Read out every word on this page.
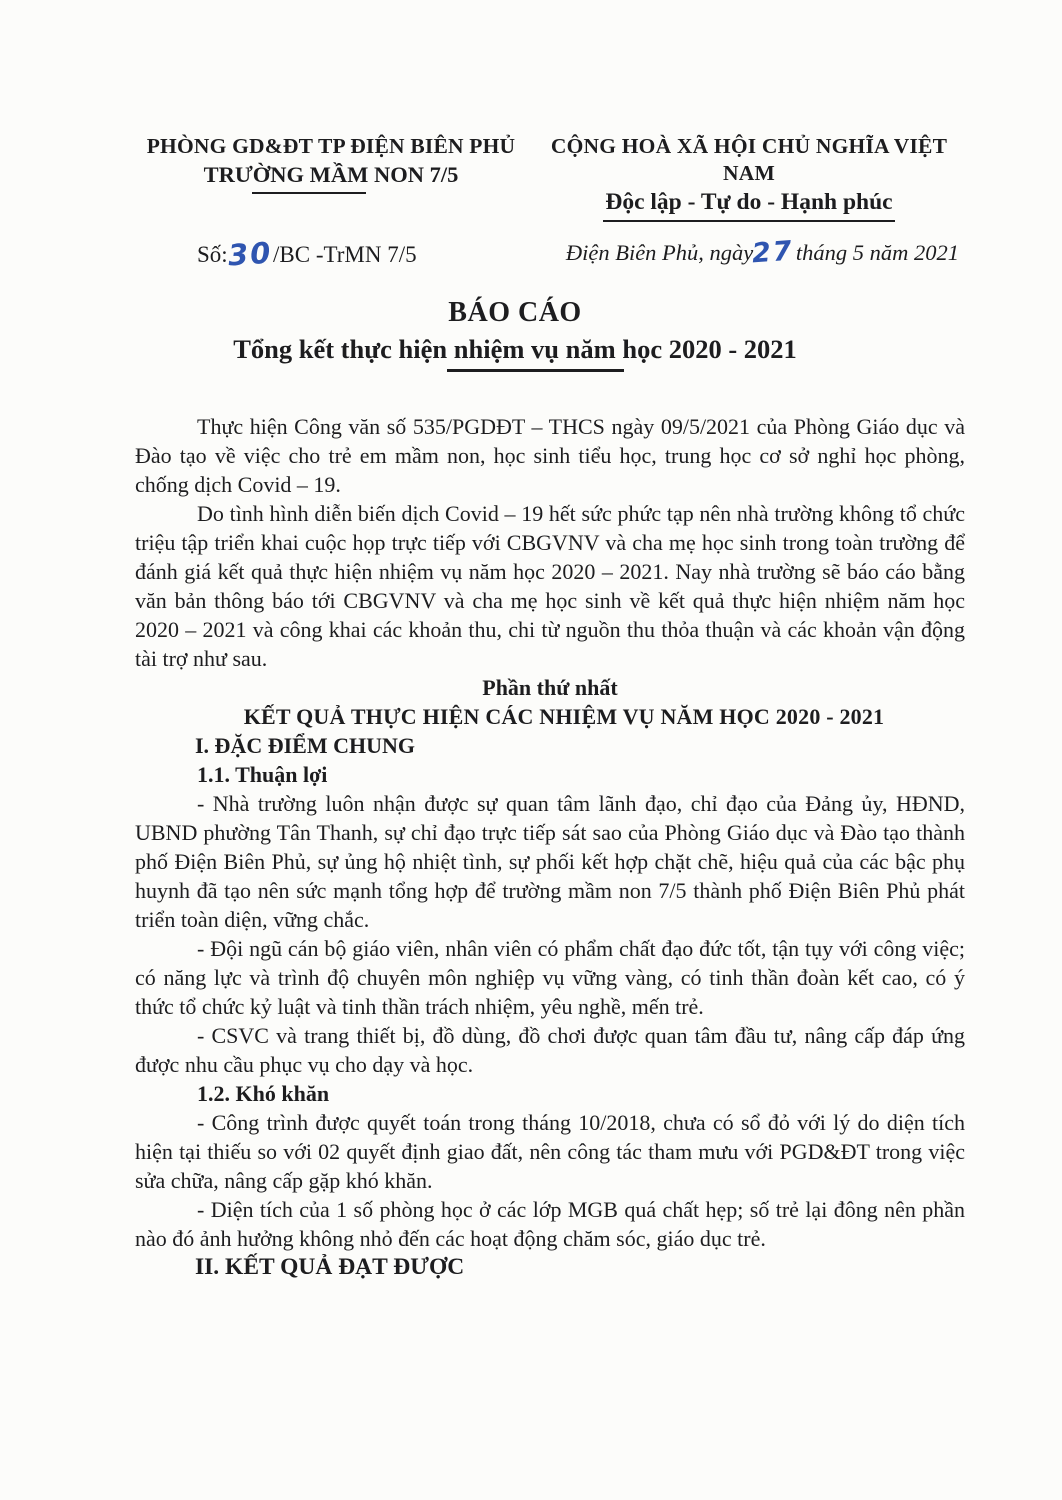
PHÒNG GD&ĐT TP ĐIỆN BIÊN PHỦ
TRƯỜNG MẦM NON 7/5
CỘNG HOÀ XÃ HỘI CHỦ NGHĨA VIỆT NAM
Độc lập - Tự do - Hạnh phúc
Số:30/BC -TrMN 7/5	Điện Biên Phủ, ngày27tháng 5 năm 2021
BÁO CÁO
Tổng kết thực hiện nhiệm vụ năm học 2020 - 2021

Thực hiện Công văn số 535/PGDĐT – THCS ngày 09/5/2021 của Phòng Giáo dục và Đào tạo về việc cho trẻ em mầm non, học sinh tiểu học, trung học cơ sở nghỉ học phòng, chống dịch Covid – 19.

Do tình hình diễn biến dịch Covid – 19 hết sức phức tạp nên nhà trường không tổ chức triệu tập triển khai cuộc họp trực tiếp với CBGVNV và cha mẹ học sinh trong toàn trường để đánh giá kết quả thực hiện nhiệm vụ năm học 2020 – 2021. Nay nhà trường sẽ báo cáo bằng văn bản thông báo tới CBGVNV và cha mẹ học sinh về kết quả thực hiện nhiệm năm học 2020 – 2021 và công khai các khoản thu, chi từ nguồn thu thỏa thuận và các khoản vận động tài trợ như sau.

Phần thứ nhất
KẾT QUẢ THỰC HIỆN CÁC NHIỆM VỤ NĂM HỌC 2020 - 2021
I. ĐẶC ĐIỂM CHUNG
1.1. Thuận lợi

- Nhà trường luôn nhận được sự quan tâm lãnh đạo, chỉ đạo của Đảng ủy, HĐND, UBND phường Tân Thanh, sự chỉ đạo trực tiếp sát sao của Phòng Giáo dục và Đào tạo thành phố Điện Biên Phủ, sự ủng hộ nhiệt tình, sự phối kết hợp chặt chẽ, hiệu quả của các bậc phụ huynh đã tạo nên sức mạnh tổng hợp để trường mầm non 7/5 thành phố Điện Biên Phủ phát triển toàn diện, vững chắc.

- Đội ngũ cán bộ giáo viên, nhân viên có phẩm chất đạo đức tốt, tận tụy với công việc; có năng lực và trình độ chuyên môn nghiệp vụ vững vàng, có tinh thần đoàn kết cao, có ý thức tổ chức kỷ luật và tinh thần trách nhiệm, yêu nghề, mến trẻ.

- CSVC và trang thiết bị, đồ dùng, đồ chơi được quan tâm đầu tư, nâng cấp đáp ứng được nhu cầu phục vụ cho dạy và học.

1.2. Khó khăn

- Công trình được quyết toán trong tháng 10/2018, chưa có sổ đỏ với lý do diện tích hiện tại thiếu so với 02 quyết định giao đất, nên công tác tham mưu với PGD&ĐT trong việc sửa chữa, nâng cấp gặp khó khăn.

- Diện tích của 1 số phòng học ở các lớp MGB quá chất hẹp; số trẻ lại đông nên phần nào đó ảnh hưởng không nhỏ đến các hoạt động chăm sóc, giáo dục trẻ.

II. KẾT QUẢ ĐẠT ĐƯỢC
